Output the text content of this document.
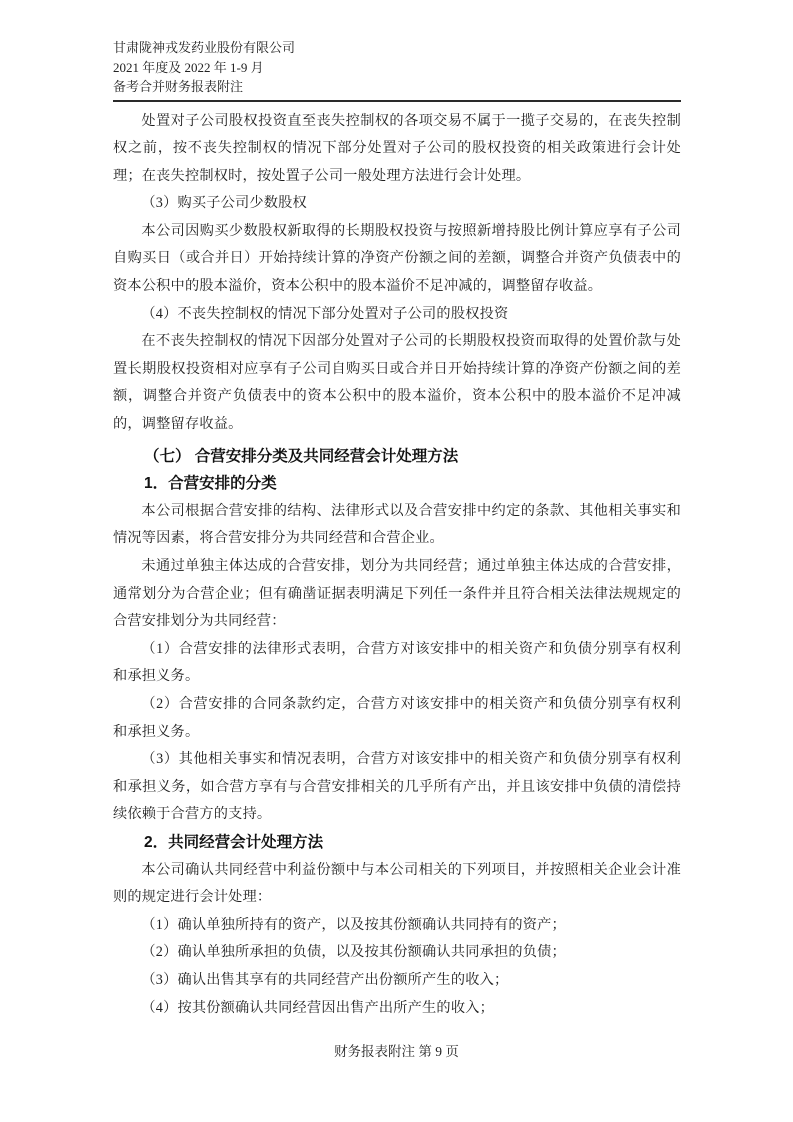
甘肃陇神戎发药业股份有限公司
2021 年度及 2022 年 1-9 月
备考合并财务报表附注

处置对子公司股权投资直至丧失控制权的各项交易不属于一揽子交易的，在丧失控制权之前，按不丧失控制权的情况下部分处置对子公司的股权投资的相关政策进行会计处理；在丧失控制权时，按处置子公司一般处理方法进行会计处理。

（3）购买子公司少数股权

本公司因购买少数股权新取得的长期股权投资与按照新增持股比例计算应享有子公司自购买日（或合并日）开始持续计算的净资产份额之间的差额，调整合并资产负债表中的资本公积中的股本溢价，资本公积中的股本溢价不足冲减的，调整留存收益。

（4）不丧失控制权的情况下部分处置对子公司的股权投资

在不丧失控制权的情况下因部分处置对子公司的长期股权投资而取得的处置价款与处置长期股权投资相对应享有子公司自购买日或合并日开始持续计算的净资产份额之间的差额，调整合并资产负债表中的资本公积中的股本溢价，资本公积中的股本溢价不足冲减的，调整留存收益。

（七） 合营安排分类及共同经营会计处理方法
1．合营安排的分类

本公司根据合营安排的结构、法律形式以及合营安排中约定的条款、其他相关事实和情况等因素，将合营安排分为共同经营和合营企业。

未通过单独主体达成的合营安排，划分为共同经营；通过单独主体达成的合营安排，通常划分为合营企业；但有确凿证据表明满足下列任一条件并且符合相关法律法规规定的合营安排划分为共同经营：

（1）合营安排的法律形式表明，合营方对该安排中的相关资产和负债分别享有权利和承担义务。

（2）合营安排的合同条款约定，合营方对该安排中的相关资产和负债分别享有权利和承担义务。

（3）其他相关事实和情况表明，合营方对该安排中的相关资产和负债分别享有权利和承担义务，如合营方享有与合营安排相关的几乎所有产出，并且该安排中负债的清偿持续依赖于合营方的支持。

2．共同经营会计处理方法

本公司确认共同经营中利益份额中与本公司相关的下列项目，并按照相关企业会计准则的规定进行会计处理：

（1）确认单独所持有的资产，以及按其份额确认共同持有的资产；

（2）确认单独所承担的负债，以及按其份额确认共同承担的负债；

（3）确认出售其享有的共同经营产出份额所产生的收入；

（4）按其份额确认共同经营因出售产出所产生的收入；

财务报表附注 第 9 页
